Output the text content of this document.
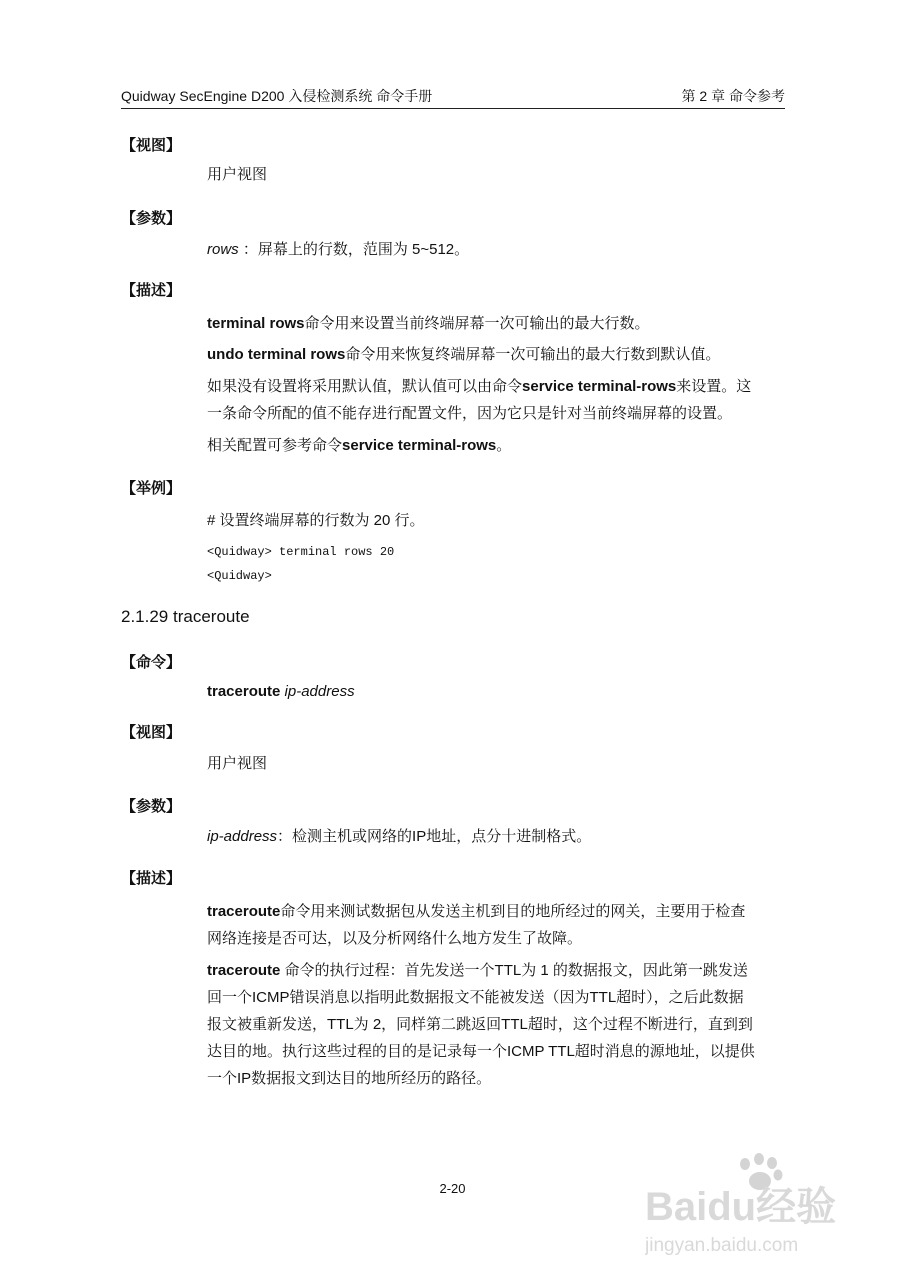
Quidway SecEngine D200 入侵检测系统 命令手册	第 2 章 命令参考
【视图】
用户视图
【参数】
rows ：屏幕上的行数，范围为 5~512。
【描述】
terminal rows命令用来设置当前终端屏幕一次可输出的最大行数。
undo terminal rows命令用来恢复终端屏幕一次可输出的最大行数到默认值。
如果没有设置将采用默认值，默认值可以由命令service terminal-rows来设置。这
一条命令所配的值不能存进行配置文件，因为它只是针对当前终端屏幕的设置。
相关配置可参考命令service terminal-rows。
【举例】
# 设置终端屏幕的行数为 20 行。
<Quidway> terminal rows 20
<Quidway>
2.1.29 traceroute
【命令】
traceroute ip-address
【视图】
用户视图
【参数】
ip-address：检测主机或网络的IP地址，点分十进制格式。
【描述】
traceroute命令用来测试数据包从发送主机到目的地所经过的网关，主要用于检查
网络连接是否可达，以及分析网络什么地方发生了故障。
traceroute 命令的执行过程：首先发送一个TTL为 1 的数据报文，因此第一跳发送
回一个ICMP错误消息以指明此数据报文不能被发送（因为TTL超时），之后此数据
报文被重新发送，TTL为 2，同样第二跳返回TTL超时，这个过程不断进行，直到到
达目的地。执行这些过程的目的是记录每一个ICMP TTL超时消息的源地址，以提供
一个IP数据报文到达目的地所经历的路径。
2-20	Baidu经验
jingyan.baidu.com
